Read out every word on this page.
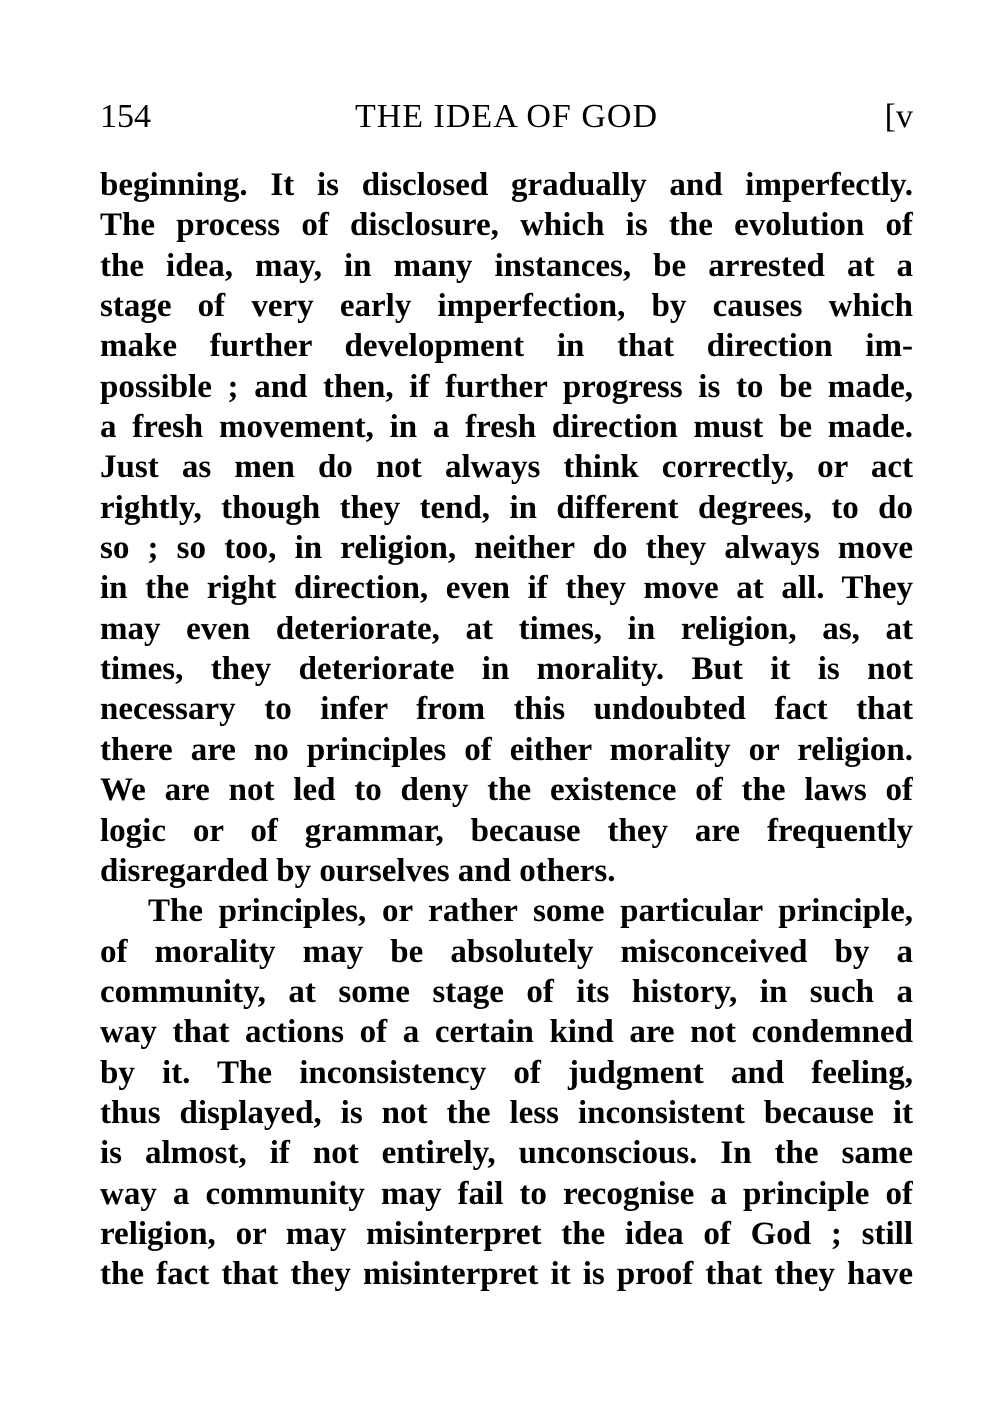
154	THE IDEA OF GOD	[v
beginning. It is disclosed gradually and imperfectly.
The process of disclosure, which is the evolution of
the idea, may, in many instances, be arrested at a
stage of very early imperfection, by causes which
make further development in that direction im-
possible ; and then, if further progress is to be made,
a fresh movement, in a fresh direction must be made.
Just as men do not always think correctly, or act
rightly, though they tend, in different degrees, to do
so ; so too, in religion, neither do they always move
in the right direction, even if they move at all. They
may even deteriorate, at times, in religion, as, at
times, they deteriorate in morality. But it is not
necessary to infer from this undoubted fact that
there are no principles of either morality or religion.
We are not led to deny the existence of the laws of
logic or of grammar, because they are frequently
disregarded by ourselves and others.
The principles, or rather some particular principle,
of morality may be absolutely misconceived by a
community, at some stage of its history, in such a
way that actions of a certain kind are not condemned
by it. The inconsistency of judgment and feeling,
thus displayed, is not the less inconsistent because it
is almost, if not entirely, unconscious. In the same
way a community may fail to recognise a principle of
religion, or may misinterpret the idea of God ; still
the fact that they misinterpret it is proof that they have
